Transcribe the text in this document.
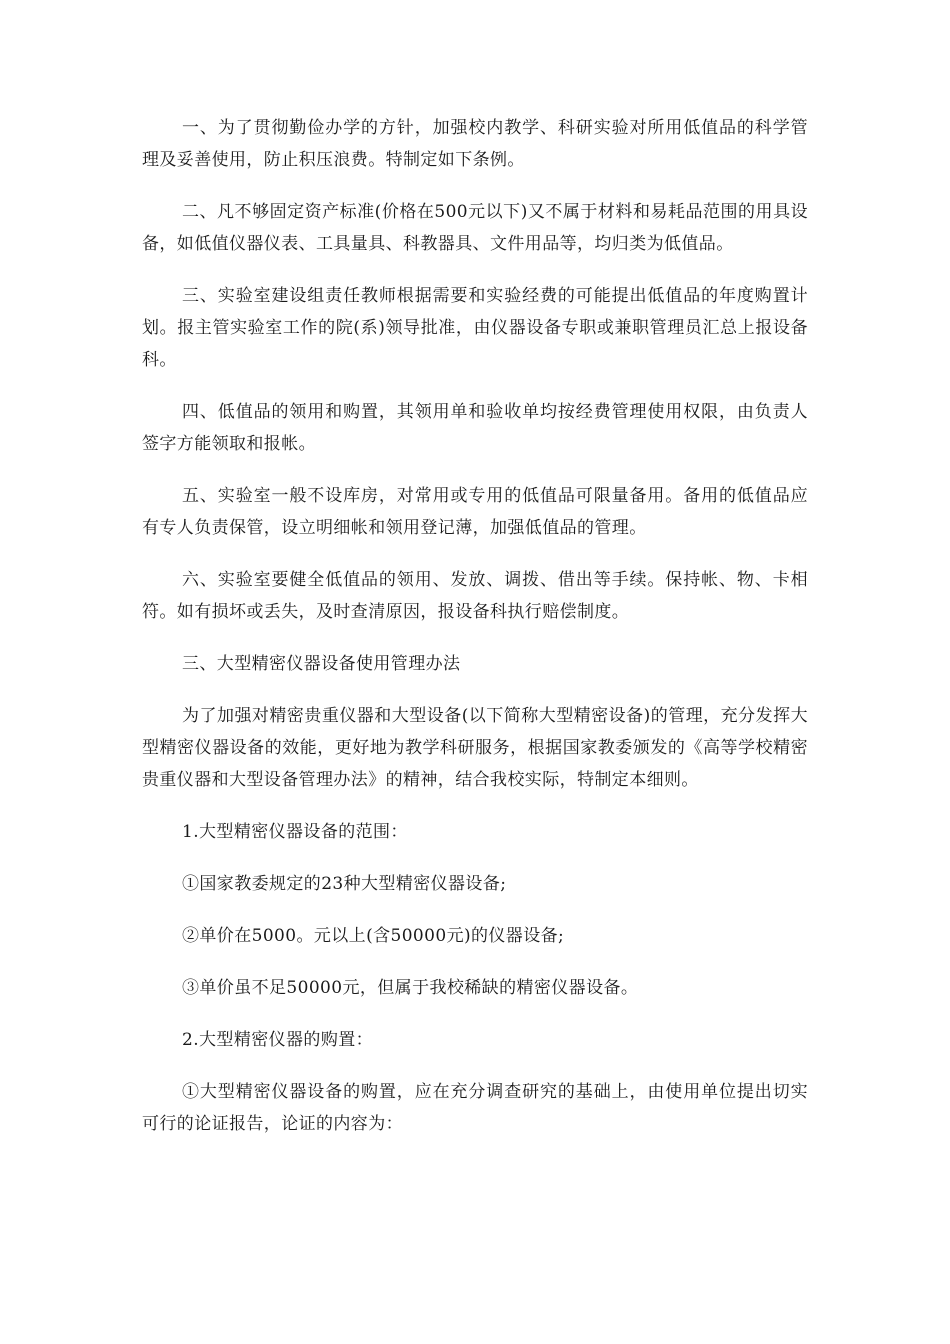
一、为了贯彻勤俭办学的方针，加强校内教学、科研实验对所用低值品的科学管理及妥善使用，防止积压浪费。特制定如下条例。

二、凡不够固定资产标准(价格在500元以下)又不属于材料和易耗品范围的用具设备，如低值仪器仪表、工具量具、科教器具、文件用品等，均归类为低值品。

三、实验室建设组责任教师根据需要和实验经费的可能提出低值品的年度购置计划。报主管实验室工作的院(系)领导批准，由仪器设备专职或兼职管理员汇总上报设备科。

四、低值品的领用和购置，其领用单和验收单均按经费管理使用权限，由负责人签字方能领取和报帐。

五、实验室一般不设库房，对常用或专用的低值品可限量备用。备用的低值品应有专人负责保管，设立明细帐和领用登记薄，加强低值品的管理。

六、实验室要健全低值品的领用、发放、调拨、借出等手续。保持帐、物、卡相符。如有损坏或丢失，及时查清原因，报设备科执行赔偿制度。

三、大型精密仪器设备使用管理办法

为了加强对精密贵重仪器和大型设备(以下简称大型精密设备)的管理，充分发挥大型精密仪器设备的效能，更好地为教学科研服务，根据国家教委颁发的《高等学校精密贵重仪器和大型设备管理办法》的精神，结合我校实际，特制定本细则。

1.大型精密仪器设备的范围：

①国家教委规定的23种大型精密仪器设备;

②单价在5000。元以上(含50000元)的仪器设备;

③单价虽不足50000元，但属于我校稀缺的精密仪器设备。

2.大型精密仪器的购置：

①大型精密仪器设备的购置，应在充分调查研究的基础上，由使用单位提出切实可行的论证报告，论证的内容为：
